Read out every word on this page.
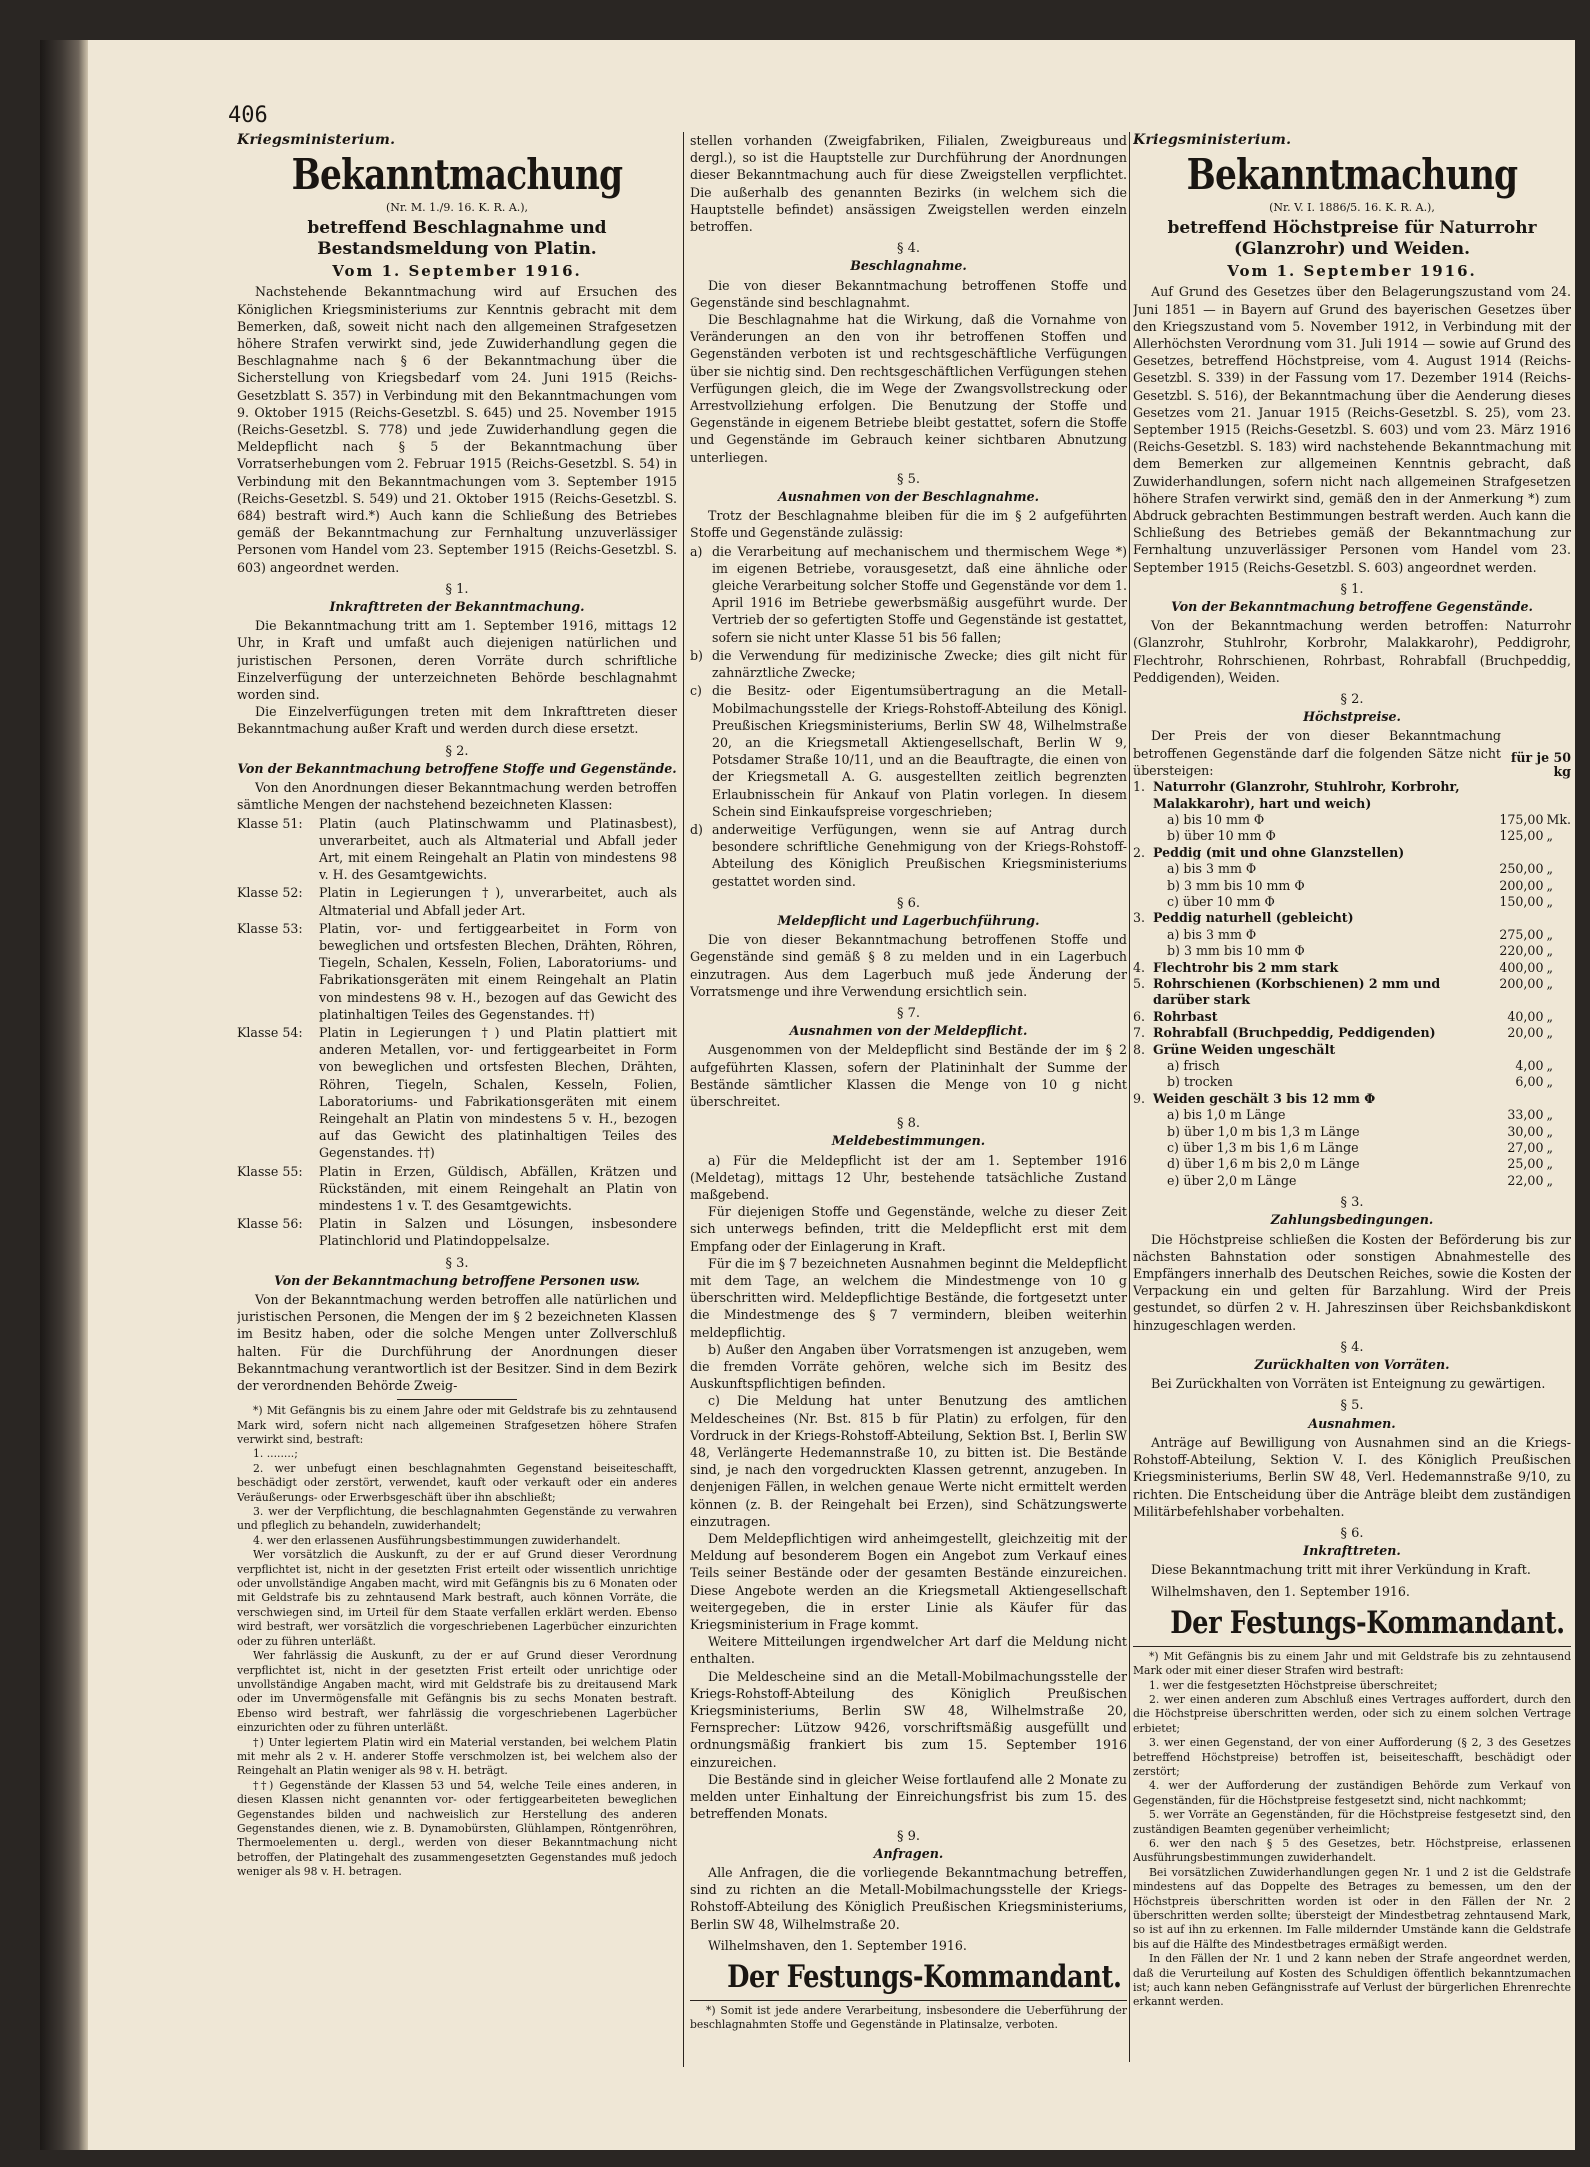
406
Kriegsministerium.
Bekanntmachung
(Nr. M. 1./9. 16. K. R. A.),
betreffend Beschlagnahme und Bestandsmeldung von Platin.
Vom 1. September 1916.

Nachstehende Bekanntmachung wird auf Ersuchen des Königlichen Kriegsministeriums zur Kenntnis gebracht mit dem Bemerken, daß, soweit nicht nach den allgemeinen Strafgesetzen höhere Strafen verwirkt sind, jede Zuwiderhandlung gegen die Beschlagnahme nach § 6 der Bekanntmachung über die Sicherstellung von Kriegsbedarf vom 24. Juni 1915 (Reichs-Gesetzblatt S. 357) in Verbindung mit den Bekanntmachungen vom 9. Oktober 1915 (Reichs-Gesetzbl. S. 645) und 25. November 1915 (Reichs-Gesetzbl. S. 778) und jede Zuwiderhandlung gegen die Meldepflicht nach § 5 der Bekanntmachung über Vorratserhebungen vom 2. Februar 1915 (Reichs-Gesetzbl. S. 54) in Verbindung mit den Bekanntmachungen vom 3. September 1915 (Reichs-Gesetzbl. S. 549) und 21. Oktober 1915 (Reichs-Gesetzbl. S. 684) bestraft wird.*) Auch kann die Schließung des Betriebes gemäß der Bekanntmachung zur Fernhaltung unzuverlässiger Personen vom Handel vom 23. September 1915 (Reichs-Gesetzbl. S. 603) angeordnet werden.

§ 1.
Inkrafttreten der Bekanntmachung.

Die Bekanntmachung tritt am 1. September 1916, mittags 12 Uhr, in Kraft und umfaßt auch diejenigen natürlichen und juristischen Personen, deren Vorräte durch schriftliche Einzelverfügung der unterzeichneten Behörde beschlagnahmt worden sind.

Die Einzelverfügungen treten mit dem Inkrafttreten dieser Bekanntmachung außer Kraft und werden durch diese ersetzt.

§ 2.
Von der Bekanntmachung betroffene Stoffe und Gegenstände.

Von den Anordnungen dieser Bekanntmachung werden betroffen sämtliche Mengen der nachstehend bezeichneten Klassen:

Klasse 51:	Platin (auch Platinschwamm und Platinasbest), unverarbeitet, auch als Altmaterial und Abfall jeder Art, mit einem Reingehalt an Platin von mindestens 98 v. H. des Gesamtgewichts.
Klasse 52:	Platin in Legierungen †), unverarbeitet, auch als Altmaterial und Abfall jeder Art.
Klasse 53:	Platin, vor- und fertiggearbeitet in Form von beweglichen und ortsfesten Blechen, Drähten, Röhren, Tiegeln, Schalen, Kesseln, Folien, Laboratoriums- und Fabrikationsgeräten mit einem Reingehalt an Platin von mindestens 98 v. H., bezogen auf das Gewicht des platinhaltigen Teiles des Gegenstandes. ††)
Klasse 54:	Platin in Legierungen †) und Platin plattiert mit anderen Metallen, vor- und fertiggearbeitet in Form von beweglichen und ortsfesten Blechen, Drähten, Röhren, Tiegeln, Schalen, Kesseln, Folien, Laboratoriums- und Fabrikationsgeräten mit einem Reingehalt an Platin von mindestens 5 v. H., bezogen auf das Gewicht des platinhaltigen Teiles des Gegenstandes. ††)
Klasse 55:	Platin in Erzen, Güldisch, Abfällen, Krätzen und Rückständen, mit einem Reingehalt an Platin von mindestens 1 v. T. des Gesamtgewichts.
Klasse 56:	Platin in Salzen und Lösungen, insbesondere Platinchlorid und Platindoppelsalze.
§ 3.
Von der Bekanntmachung betroffene Personen usw.

Von der Bekanntmachung werden betroffen alle natürlichen und juristischen Personen, die Mengen der im § 2 bezeichneten Klassen im Besitz haben, oder die solche Mengen unter Zollverschluß halten. Für die Durchführung der Anordnungen dieser Bekanntmachung verantwortlich ist der Besitzer. Sind in dem Bezirk der verordnenden Behörde Zweig-

*) Mit Gefängnis bis zu einem Jahre oder mit Geldstrafe bis zu zehntausend Mark wird, sofern nicht nach allgemeinen Strafgesetzen höhere Strafen verwirkt sind, bestraft:

1. ........;

2. wer unbefugt einen beschlagnahmten Gegenstand beiseiteschafft, beschädigt oder zerstört, verwendet, kauft oder verkauft oder ein anderes Veräußerungs- oder Erwerbsgeschäft über ihn abschließt;

3. wer der Verpflichtung, die beschlagnahmten Gegenstände zu verwahren und pfleglich zu behandeln, zuwiderhandelt;

4. wer den erlassenen Ausführungsbestimmungen zuwiderhandelt.

Wer vorsätzlich die Auskunft, zu der er auf Grund dieser Verordnung verpflichtet ist, nicht in der gesetzten Frist erteilt oder wissentlich unrichtige oder unvollständige Angaben macht, wird mit Gefängnis bis zu 6 Monaten oder mit Geldstrafe bis zu zehntausend Mark bestraft, auch können Vorräte, die verschwiegen sind, im Urteil für dem Staate verfallen erklärt werden. Ebenso wird bestraft, wer vorsätzlich die vorgeschriebenen Lagerbücher einzurichten oder zu führen unterläßt.

Wer fahrlässig die Auskunft, zu der er auf Grund dieser Verordnung verpflichtet ist, nicht in der gesetzten Frist erteilt oder unrichtige oder unvollständige Angaben macht, wird mit Geldstrafe bis zu dreitausend Mark oder im Unvermögensfalle mit Gefängnis bis zu sechs Monaten bestraft. Ebenso wird bestraft, wer fahrlässig die vorgeschriebenen Lagerbücher einzurichten oder zu führen unterläßt.

†) Unter legiertem Platin wird ein Material verstanden, bei welchem Platin mit mehr als 2 v. H. anderer Stoffe verschmolzen ist, bei welchem also der Reingehalt an Platin weniger als 98 v. H. beträgt.

††) Gegenstände der Klassen 53 und 54, welche Teile eines anderen, in diesen Klassen nicht genannten vor- oder fertiggearbeiteten beweglichen Gegenstandes bilden und nachweislich zur Herstellung des anderen Gegenstandes dienen, wie z. B. Dynamobürsten, Glühlampen, Röntgenröhren, Thermoelementen u. dergl., werden von dieser Bekanntmachung nicht betroffen, der Platingehalt des zusammengesetzten Gegenstandes muß jedoch weniger als 98 v. H. betragen.

stellen vorhanden (Zweigfabriken, Filialen, Zweigbureaus und dergl.), so ist die Hauptstelle zur Durchführung der Anordnungen dieser Bekanntmachung auch für diese Zweigstellen verpflichtet. Die außerhalb des genannten Bezirks (in welchem sich die Hauptstelle befindet) ansässigen Zweigstellen werden einzeln betroffen.

§ 4.
Beschlagnahme.

Die von dieser Bekanntmachung betroffenen Stoffe und Gegenstände sind beschlagnahmt.

Die Beschlagnahme hat die Wirkung, daß die Vornahme von Veränderungen an den von ihr betroffenen Stoffen und Gegenständen verboten ist und rechtsgeschäftliche Verfügungen über sie nichtig sind. Den rechtsgeschäftlichen Verfügungen stehen Verfügungen gleich, die im Wege der Zwangsvollstreckung oder Arrestvollziehung erfolgen. Die Benutzung der Stoffe und Gegenstände in eigenem Betriebe bleibt gestattet, sofern die Stoffe und Gegenstände im Gebrauch keiner sichtbaren Abnutzung unterliegen.

§ 5.
Ausnahmen von der Beschlagnahme.

Trotz der Beschlagnahme bleiben für die im § 2 aufgeführten Stoffe und Gegenstände zulässig:

a) die Verarbeitung auf mechanischem und thermischem Wege *) im eigenen Betriebe, vorausgesetzt, daß eine ähnliche oder gleiche Verarbeitung solcher Stoffe und Gegenstände vor dem 1. April 1916 im Betriebe gewerbsmäßig ausgeführt wurde. Der Vertrieb der so gefertigten Stoffe und Gegenstände ist gestattet, sofern sie nicht unter Klasse 51 bis 56 fallen;
b) die Verwendung für medizinische Zwecke; dies gilt nicht für zahnärztliche Zwecke;
c) die Besitz- oder Eigentumsübertragung an die Metall-Mobilmachungsstelle der Kriegs-Rohstoff-Abteilung des Königl. Preußischen Kriegsministeriums, Berlin SW 48, Wilhelmstraße 20, an die Kriegsmetall Aktiengesellschaft, Berlin W 9, Potsdamer Straße 10/11, und an die Beauftragte, die einen von der Kriegsmetall A. G. ausgestellten zeitlich begrenzten Erlaubnisschein für Ankauf von Platin vorlegen. In diesem Schein sind Einkaufspreise vorgeschrieben;
d) anderweitige Verfügungen, wenn sie auf Antrag durch besondere schriftliche Genehmigung von der Kriegs-Rohstoff-Abteilung des Königlich Preußischen Kriegsministeriums gestattet worden sind.
§ 6.
Meldepflicht und Lagerbuchführung.

Die von dieser Bekanntmachung betroffenen Stoffe und Gegenstände sind gemäß § 8 zu melden und in ein Lagerbuch einzutragen. Aus dem Lagerbuch muß jede Änderung der Vorratsmenge und ihre Verwendung ersichtlich sein.

§ 7.
Ausnahmen von der Meldepflicht.

Ausgenommen von der Meldepflicht sind Bestände der im § 2 aufgeführten Klassen, sofern der Platininhalt der Summe der Bestände sämtlicher Klassen die Menge von 10 g nicht überschreitet.

§ 8.
Meldebestimmungen.

a) Für die Meldepflicht ist der am 1. September 1916 (Meldetag), mittags 12 Uhr, bestehende tatsächliche Zustand maßgebend.

Für diejenigen Stoffe und Gegenstände, welche zu dieser Zeit sich unterwegs befinden, tritt die Meldepflicht erst mit dem Empfang oder der Einlagerung in Kraft.

Für die im § 7 bezeichneten Ausnahmen beginnt die Meldepflicht mit dem Tage, an welchem die Mindestmenge von 10 g überschritten wird. Meldepflichtige Bestände, die fortgesetzt unter die Mindestmenge des § 7 vermindern, bleiben weiterhin meldepflichtig.

b) Außer den Angaben über Vorratsmengen ist anzugeben, wem die fremden Vorräte gehören, welche sich im Besitz des Auskunftspflichtigen befinden.

c) Die Meldung hat unter Benutzung des amtlichen Meldescheines (Nr. Bst. 815 b für Platin) zu erfolgen, für den Vordruck in der Kriegs-Rohstoff-Abteilung, Sektion Bst. I, Berlin SW 48, Verlängerte Hedemannstraße 10, zu bitten ist. Die Bestände sind, je nach den vorgedruckten Klassen getrennt, anzugeben. In denjenigen Fällen, in welchen genaue Werte nicht ermittelt werden können (z. B. der Reingehalt bei Erzen), sind Schätzungswerte einzutragen.

Dem Meldepflichtigen wird anheimgestellt, gleichzeitig mit der Meldung auf besonderem Bogen ein Angebot zum Verkauf eines Teils seiner Bestände oder der gesamten Bestände einzureichen. Diese Angebote werden an die Kriegsmetall Aktiengesellschaft weitergegeben, die in erster Linie als Käufer für das Kriegsministerium in Frage kommt.

Weitere Mitteilungen irgendwelcher Art darf die Meldung nicht enthalten.

Die Meldescheine sind an die Metall-Mobilmachungsstelle der Kriegs-Rohstoff-Abteilung des Königlich Preußischen Kriegsministeriums, Berlin SW 48, Wilhelmstraße 20, Fernsprecher: Lützow 9426, vorschriftsmäßig ausgefüllt und ordnungsmäßig frankiert bis zum 15. September 1916 einzureichen.

Die Bestände sind in gleicher Weise fortlaufend alle 2 Monate zu melden unter Einhaltung der Einreichungsfrist bis zum 15. des betreffenden Monats.

§ 9.
Anfragen.

Alle Anfragen, die die vorliegende Bekanntmachung betreffen, sind zu richten an die Metall-Mobilmachungsstelle der Kriegs-Rohstoff-Abteilung des Königlich Preußischen Kriegsministeriums, Berlin SW 48, Wilhelmstraße 20.

Wilhelmshaven, den 1. September 1916.
Der Festungs-Kommandant.

*) Somit ist jede andere Verarbeitung, insbesondere die Ueberführung der beschlagnahmten Stoffe und Gegenstände in Platinsalze, verboten.

Kriegsministerium.
Bekanntmachung
(Nr. V. I. 1886/5. 16. K. R. A.),
betreffend Höchstpreise für Naturrohr (Glanzrohr) und Weiden.
Vom 1. September 1916.

Auf Grund des Gesetzes über den Belagerungszustand vom 24. Juni 1851 — in Bayern auf Grund des bayerischen Gesetzes über den Kriegszustand vom 5. November 1912, in Verbindung mit der Allerhöchsten Verordnung vom 31. Juli 1914 — sowie auf Grund des Gesetzes, betreffend Höchstpreise, vom 4. August 1914 (Reichs-Gesetzbl. S. 339) in der Fassung vom 17. Dezember 1914 (Reichs-Gesetzbl. S. 516), der Bekanntmachung über die Aenderung dieses Gesetzes vom 21. Januar 1915 (Reichs-Gesetzbl. S. 25), vom 23. September 1915 (Reichs-Gesetzbl. S. 603) und vom 23. März 1916 (Reichs-Gesetzbl. S. 183) wird nachstehende Bekanntmachung mit dem Bemerken zur allgemeinen Kenntnis gebracht, daß Zuwiderhandlungen, sofern nicht nach allgemeinen Strafgesetzen höhere Strafen verwirkt sind, gemäß den in der Anmerkung *) zum Abdruck gebrachten Bestimmungen bestraft werden. Auch kann die Schließung des Betriebes gemäß der Bekanntmachung zur Fernhaltung unzuverlässiger Personen vom Handel vom 23. September 1915 (Reichs-Gesetzbl. S. 603) angeordnet werden.

§ 1.
Von der Bekanntmachung betroffene Gegenstände.

Von der Bekanntmachung werden betroffen: Naturrohr (Glanzrohr, Stuhlrohr, Korbrohr, Malakkarohr), Peddigrohr, Flechtrohr, Rohrschienen, Rohrbast, Rohrabfall (Bruchpeddig, Peddigenden), Weiden.

§ 2.
Höchstpreise.

Der Preis der von dieser Bekanntmachung betroffenen Gegenstände darf die folgenden Sätze nicht übersteigen:

für je 50 kg
1.	Naturrohr (Glanzrohr, Stuhlrohr, Korbrohr, Malakkarohr), hart und weich)		
	a) bis 10 mm Φ	175,00	Mk.
	b) über 10 mm Φ	125,00	„
2.	Peddig (mit und ohne Glanzstellen)		
	a) bis 3 mm Φ	250,00	„
	b) 3 mm bis 10 mm Φ	200,00	„
	c) über 10 mm Φ	150,00	„
3.	Peddig naturhell (gebleicht)		
	a) bis 3 mm Φ	275,00	„
	b) 3 mm bis 10 mm Φ	220,00	„
4.	Flechtrohr bis 2 mm stark	400,00	„
5.	Rohrschienen (Korbschienen) 2 mm und darüber stark	200,00	„
6.	Rohrbast	40,00	„
7.	Rohrabfall (Bruchpeddig, Peddigenden)	20,00	„
8.	Grüne Weiden ungeschält		
	a) frisch	4,00	„
	b) trocken	6,00	„
9.	Weiden geschält 3 bis 12 mm Φ		
	a) bis 1,0 m Länge	33,00	„
	b) über 1,0 m bis 1,3 m Länge	30,00	„
	c) über 1,3 m bis 1,6 m Länge	27,00	„
	d) über 1,6 m bis 2,0 m Länge	25,00	„
	e) über 2,0 m Länge	22,00	„
§ 3.
Zahlungsbedingungen.

Die Höchstpreise schließen die Kosten der Beförderung bis zur nächsten Bahnstation oder sonstigen Abnahmestelle des Empfängers innerhalb des Deutschen Reiches, sowie die Kosten der Verpackung ein und gelten für Barzahlung. Wird der Preis gestundet, so dürfen 2 v. H. Jahreszinsen über Reichsbankdiskont hinzugeschlagen werden.

§ 4.
Zurückhalten von Vorräten.

Bei Zurückhalten von Vorräten ist Enteignung zu gewärtigen.

§ 5.
Ausnahmen.

Anträge auf Bewilligung von Ausnahmen sind an die Kriegs-Rohstoff-Abteilung, Sektion V. I. des Königlich Preußischen Kriegsministeriums, Berlin SW 48, Verl. Hedemannstraße 9/10, zu richten. Die Entscheidung über die Anträge bleibt dem zuständigen Militärbefehlshaber vorbehalten.

§ 6.
Inkrafttreten.

Diese Bekanntmachung tritt mit ihrer Verkündung in Kraft.

Wilhelmshaven, den 1. September 1916.
Der Festungs-Kommandant.

*) Mit Gefängnis bis zu einem Jahr und mit Geldstrafe bis zu zehntausend Mark oder mit einer dieser Strafen wird bestraft:

1. wer die festgesetzten Höchstpreise überschreitet;

2. wer einen anderen zum Abschluß eines Vertrages auffordert, durch den die Höchstpreise überschritten werden, oder sich zu einem solchen Vertrage erbietet;

3. wer einen Gegenstand, der von einer Aufforderung (§ 2, 3 des Gesetzes betreffend Höchstpreise) betroffen ist, beiseiteschafft, beschädigt oder zerstört;

4. wer der Aufforderung der zuständigen Behörde zum Verkauf von Gegenständen, für die Höchstpreise festgesetzt sind, nicht nachkommt;

5. wer Vorräte an Gegenständen, für die Höchstpreise festgesetzt sind, den zuständigen Beamten gegenüber verheimlicht;

6. wer den nach § 5 des Gesetzes, betr. Höchstpreise, erlassenen Ausführungsbestimmungen zuwiderhandelt.

Bei vorsätzlichen Zuwiderhandlungen gegen Nr. 1 und 2 ist die Geldstrafe mindestens auf das Doppelte des Betrages zu bemessen, um den der Höchstpreis überschritten worden ist oder in den Fällen der Nr. 2 überschritten werden sollte; übersteigt der Mindestbetrag zehntausend Mark, so ist auf ihn zu erkennen. Im Falle mildernder Umstände kann die Geldstrafe bis auf die Hälfte des Mindestbetrages ermäßigt werden.

In den Fällen der Nr. 1 und 2 kann neben der Strafe angeordnet werden, daß die Verurteilung auf Kosten des Schuldigen öffentlich bekanntzumachen ist; auch kann neben Gefängnisstrafe auf Verlust der bürgerlichen Ehrenrechte erkannt werden.
